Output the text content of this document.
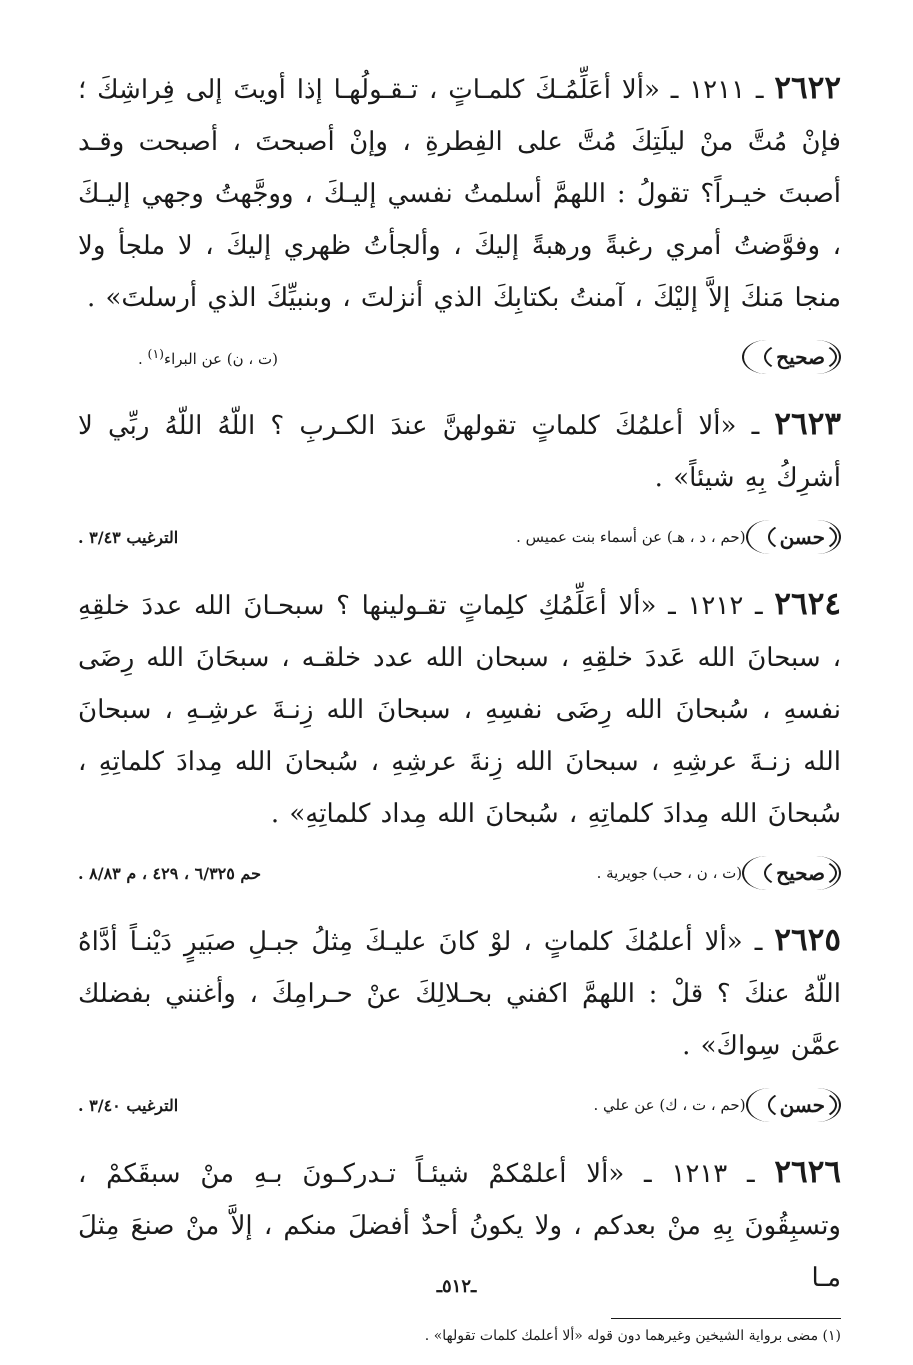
٢٦٢٢ ـ ١٢١١ ـ «ألا أعَلِّمُـكَ كلمـاتٍ ، تـقـولُهـا إذا أويتَ إلى فِراشِكَ ؛ فإنْ مُتَّ منْ ليلَتِكَ مُتَّ على الفِطرةِ ، وإنْ أصبحتَ ، أصبحت وقـد أصبتَ خيـراً؟ تقولُ : اللهمَّ أسلمتُ نفسي إليـكَ ، ووجَّهتُ وجهي إليـكَ ، وفوَّضتُ أمري رغبةً ورهبةً إليكَ ، وألجأتُ ظهري إليكَ ، لا ملجأ ولا منجا مَنكَ إلاَّ إليْكَ ، آمنتُ بكتابِكَ الذي أنزلتَ ، وبنبيِّكَ الذي أرسلتَ» .

صحيح
(ت ، ن) عن البراء$^{(١)}$ .

٢٦٢٣ ـ «ألا أعلمُكَ كلماتٍ تقولهنَّ عندَ الكـربِ ؟ اللّهُ اللّهُ ربِّي لا أشرِكُ بِهِ شيئاً» .

حسن
(حم ، د ، هـ) عن أسماء بنت عميس .
الترغيب ٣/٤٣ .

٢٦٢٤ ـ ١٢١٢ ـ «ألا أعَلِّمُكِ كلِماتٍ تقـولينها ؟ سبحـانَ الله عددَ خلقِهِ ، سبحانَ الله عَددَ خلقِهِ ، سبحان الله عدد خلقـه ، سبحَانَ الله رِضَى نفسهِ ، سُبحانَ الله رِضَى نفسِهِ ، سبحانَ الله زِنـةَ عرشِـهِ ، سبحانَ الله زنـةَ عرشِهِ ، سبحانَ الله زِنةَ عرشِهِ ، سُبحانَ الله مِدادَ كلماتِهِ ، سُبحانَ الله مِدادَ كلماتِهِ ، سُبحانَ الله مِداد كلماتِهِ» .

صحيح
(ت ، ن ، حب) جويرية .
حم ٦/٣٢٥ ، ٤٢٩ ، م ٨/٨٣ .

٢٦٢٥ ـ «ألا أعلمُكَ كلماتٍ ، لوْ كانَ عليـكَ مِثلُ جبـلِ صبَيرٍ دَيْنـاً أدَّاهُ اللّهُ عنكَ ؟ قلْ : اللهمَّ اكفني بحـلالِكَ عنْ حـرامِكَ ، وأغنني بفضلك عمَّن سِواكَ» .

حسن
(حم ، ت ، ك) عن علي .
الترغيب ٣/٤٠ .

٢٦٢٦ ـ ١٢١٣ ـ «ألا أعلمْكمْ شيئـاً تـدركـونَ بـهِ منْ سبقَكمْ ، وتسبِقُونَ بِهِ منْ بعدكم ، ولا يكونُ أحدٌ أفضلَ منكم ، إلاَّ منْ صنعَ مِثلَ مـا

(١) مضى برواية الشيخين وغيرهما دون قوله «ألا أعلمك كلمات تقولها» .
ـ٥١٢ـ
